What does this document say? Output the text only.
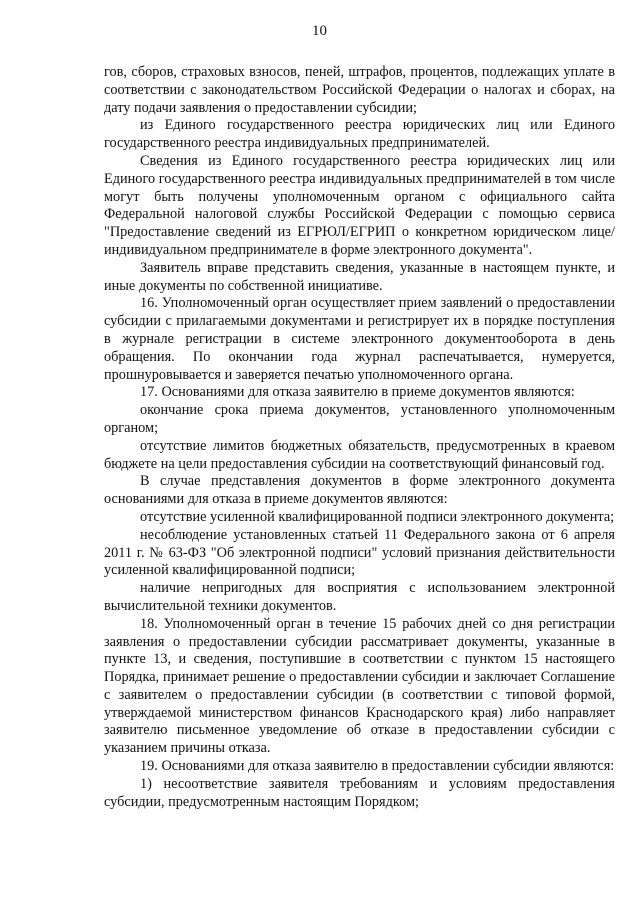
10

гов, сборов, страховых взносов, пеней, штрафов, процентов, подлежащих уплате в соответствии с законодательством Российской Федерации о налогах и сборах, на дату подачи заявления о предоставлении субсидии;

из Единого государственного реестра юридических лиц или Единого государственного реестра индивидуальных предпринимателей.

Сведения из Единого государственного реестра юридических лиц или Единого государственного реестра индивидуальных предпринимателей в том числе могут быть получены уполномоченным органом с официального сайта Федеральной налоговой службы Российской Федерации с помощью сервиса "Предоставление сведений из ЕГРЮЛ/ЕГРИП о конкретном юридическом лице/индивидуальном предпринимателе в форме электронного документа".

Заявитель вправе представить сведения, указанные в настоящем пункте, и иные документы по собственной инициативе.

16. Уполномоченный орган осуществляет прием заявлений о предоставлении субсидии с прилагаемыми документами и регистрирует их в порядке поступления в журнале регистрации в системе электронного документооборота в день обращения. По окончании года журнал распечатывается, нумеруется, прошнуровывается и заверяется печатью уполномоченного органа.

17. Основаниями для отказа заявителю в приеме документов являются:

окончание срока приема документов, установленного уполномоченным органом;

отсутствие лимитов бюджетных обязательств, предусмотренных в краевом бюджете на цели предоставления субсидии на соответствующий финансовый год.

В случае представления документов в форме электронного документа основаниями для отказа в приеме документов являются:

отсутствие усиленной квалифицированной подписи электронного документа;

несоблюдение установленных статьей 11 Федерального закона от 6 апреля 2011 г. № 63-ФЗ "Об электронной подписи" условий признания действительности усиленной квалифицированной подписи;

наличие непригодных для восприятия с использованием электронной вычислительной техники документов.

18. Уполномоченный орган в течение 15 рабочих дней со дня регистрации заявления о предоставлении субсидии рассматривает документы, указанные в пункте 13, и сведения, поступившие в соответствии с пунктом 15 настоящего Порядка, принимает решение о предоставлении субсидии и заключает Соглашение с заявителем о предоставлении субсидии (в соответствии с типовой формой, утверждаемой министерством финансов Краснодарского края) либо направляет заявителю письменное уведомление об отказе в предоставлении субсидии с указанием причины отказа.

19. Основаниями для отказа заявителю в предоставлении субсидии являются:

1) несоответствие заявителя требованиям и условиям предоставления субсидии, предусмотренным настоящим Порядком;
